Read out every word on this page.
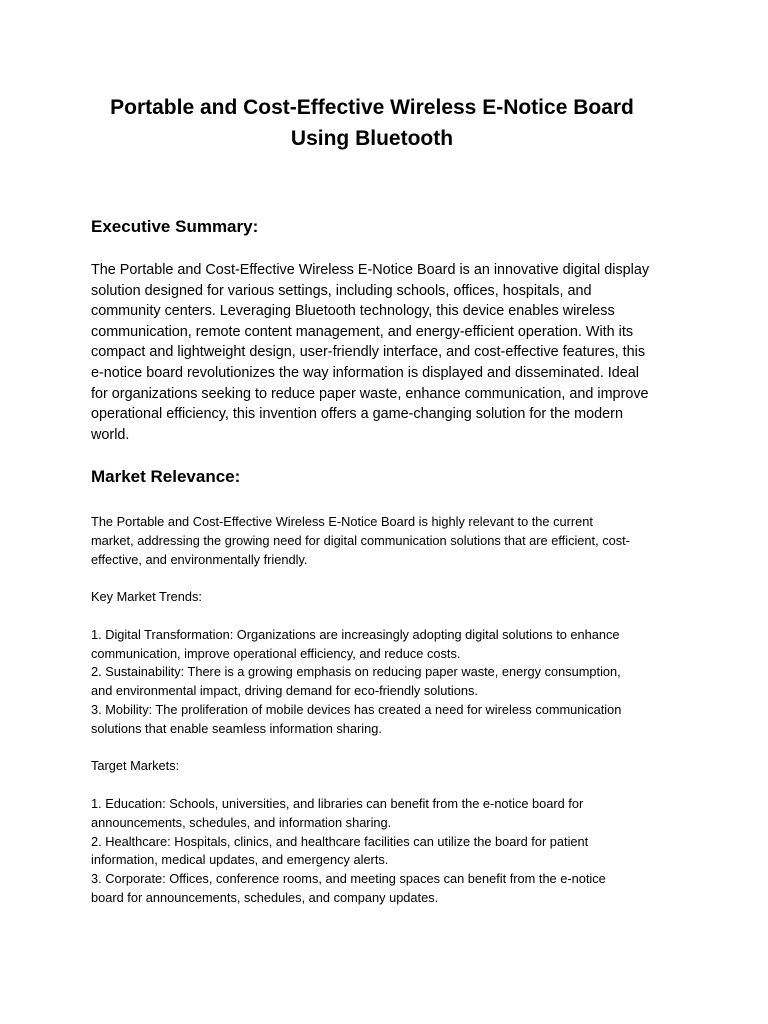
Portable and Cost-Effective Wireless E-Notice Board
Using Bluetooth
Executive Summary:

The Portable and Cost-Effective Wireless E-Notice Board is an innovative digital display
solution designed for various settings, including schools, offices, hospitals, and
community centers. Leveraging Bluetooth technology, this device enables wireless
communication, remote content management, and energy-efficient operation. With its
compact and lightweight design, user-friendly interface, and cost-effective features, this
e-notice board revolutionizes the way information is displayed and disseminated. Ideal
for organizations seeking to reduce paper waste, enhance communication, and improve
operational efficiency, this invention offers a game-changing solution for the modern
world.

Market Relevance:

The Portable and Cost-Effective Wireless E-Notice Board is highly relevant to the current
market, addressing the growing need for digital communication solutions that are efficient, cost-
effective, and environmentally friendly.

Key Market Trends:

1. Digital Transformation: Organizations are increasingly adopting digital solutions to enhance
communication, improve operational efficiency, and reduce costs.

2. Sustainability: There is a growing emphasis on reducing paper waste, energy consumption,
and environmental impact, driving demand for eco-friendly solutions.

3. Mobility: The proliferation of mobile devices has created a need for wireless communication
solutions that enable seamless information sharing.

Target Markets:

1. Education: Schools, universities, and libraries can benefit from the e-notice board for
announcements, schedules, and information sharing.

2. Healthcare: Hospitals, clinics, and healthcare facilities can utilize the board for patient
information, medical updates, and emergency alerts.

3. Corporate: Offices, conference rooms, and meeting spaces can benefit from the e-notice
board for announcements, schedules, and company updates.
